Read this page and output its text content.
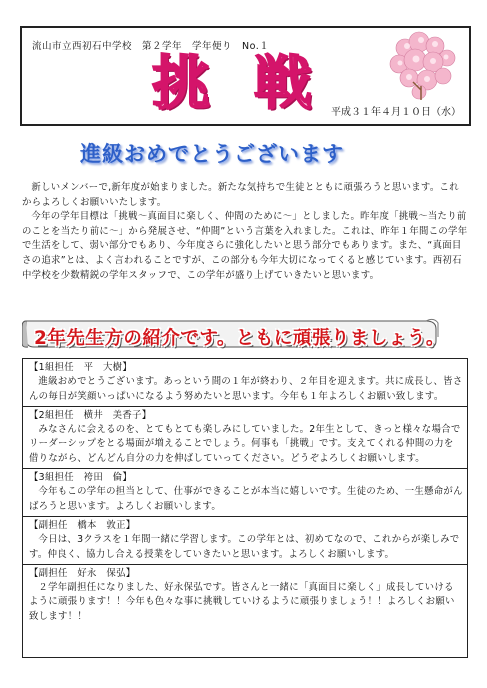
流山市立西初石中学校　第２学年　学年便り　No.１
挑 戦 平成３１年４月１０日（水）
進級おめでとうございます

新しいメンバーで,新年度が始まりました。新たな気持ちで生徒とともに頑張ろうと思います。これからよろしくお願いいたします。

今年の学年目標は「挑戦～真面目に楽しく、仲間のために～」としました。昨年度「挑戦～当たり前のことを当たり前に～」から発展させ、“仲間”という言葉を入れました。これは、昨年１年間この学年で生活をして、弱い部分でもあり、今年度さらに強化したいと思う部分でもあります。また、“真面目さの追求”とは、よく言われることですが、この部分も今年大切になってくると感じています。西初石中学校を少数精鋭の学年スタッフで、この学年が盛り上げていきたいと思います。

2年先生方の紹介です。ともに頑張りましょう。
【1組担任　平　大樹】
進級おめでとうございます。あっという間の１年が終わり、２年目を迎えます。共に成長し、皆さんの毎日が笑顔いっぱいになるよう努めたいと思います。今年も１年よろしくお願い致します。
【2組担任　横井　美香子】
みなさんに会えるのを、とてもとても楽しみにしていました。2年生として、きっと様々な場合でリーダーシップをとる場面が増えることでしょう。何事も「挑戦」です。支えてくれる仲間の力を借りながら、どんどん自分の力を伸ばしていってください。どうぞよろしくお願いします。
【3組担任　袴田　倫】
今年もこの学年の担当として、仕事ができることが本当に嬉しいです。生徒のため、一生懸命がんばろうと思います。よろしくお願いします。
【副担任　橋本　敦正】
今日は、3クラスを１年間一緒に学習します。この学年とは、初めてなので、これからが楽しみです。仲良く、協力し合える授業をしていきたいと思います。よろしくお願いします。
【副担任　好永　保弘】
２学年副担任になりました、好永保弘です。皆さんと一緒に「真面目に楽しく」成長していけるように頑張ります！！今年も色々な事に挑戦していけるように頑張りましょう！！よろしくお願い致します！！
